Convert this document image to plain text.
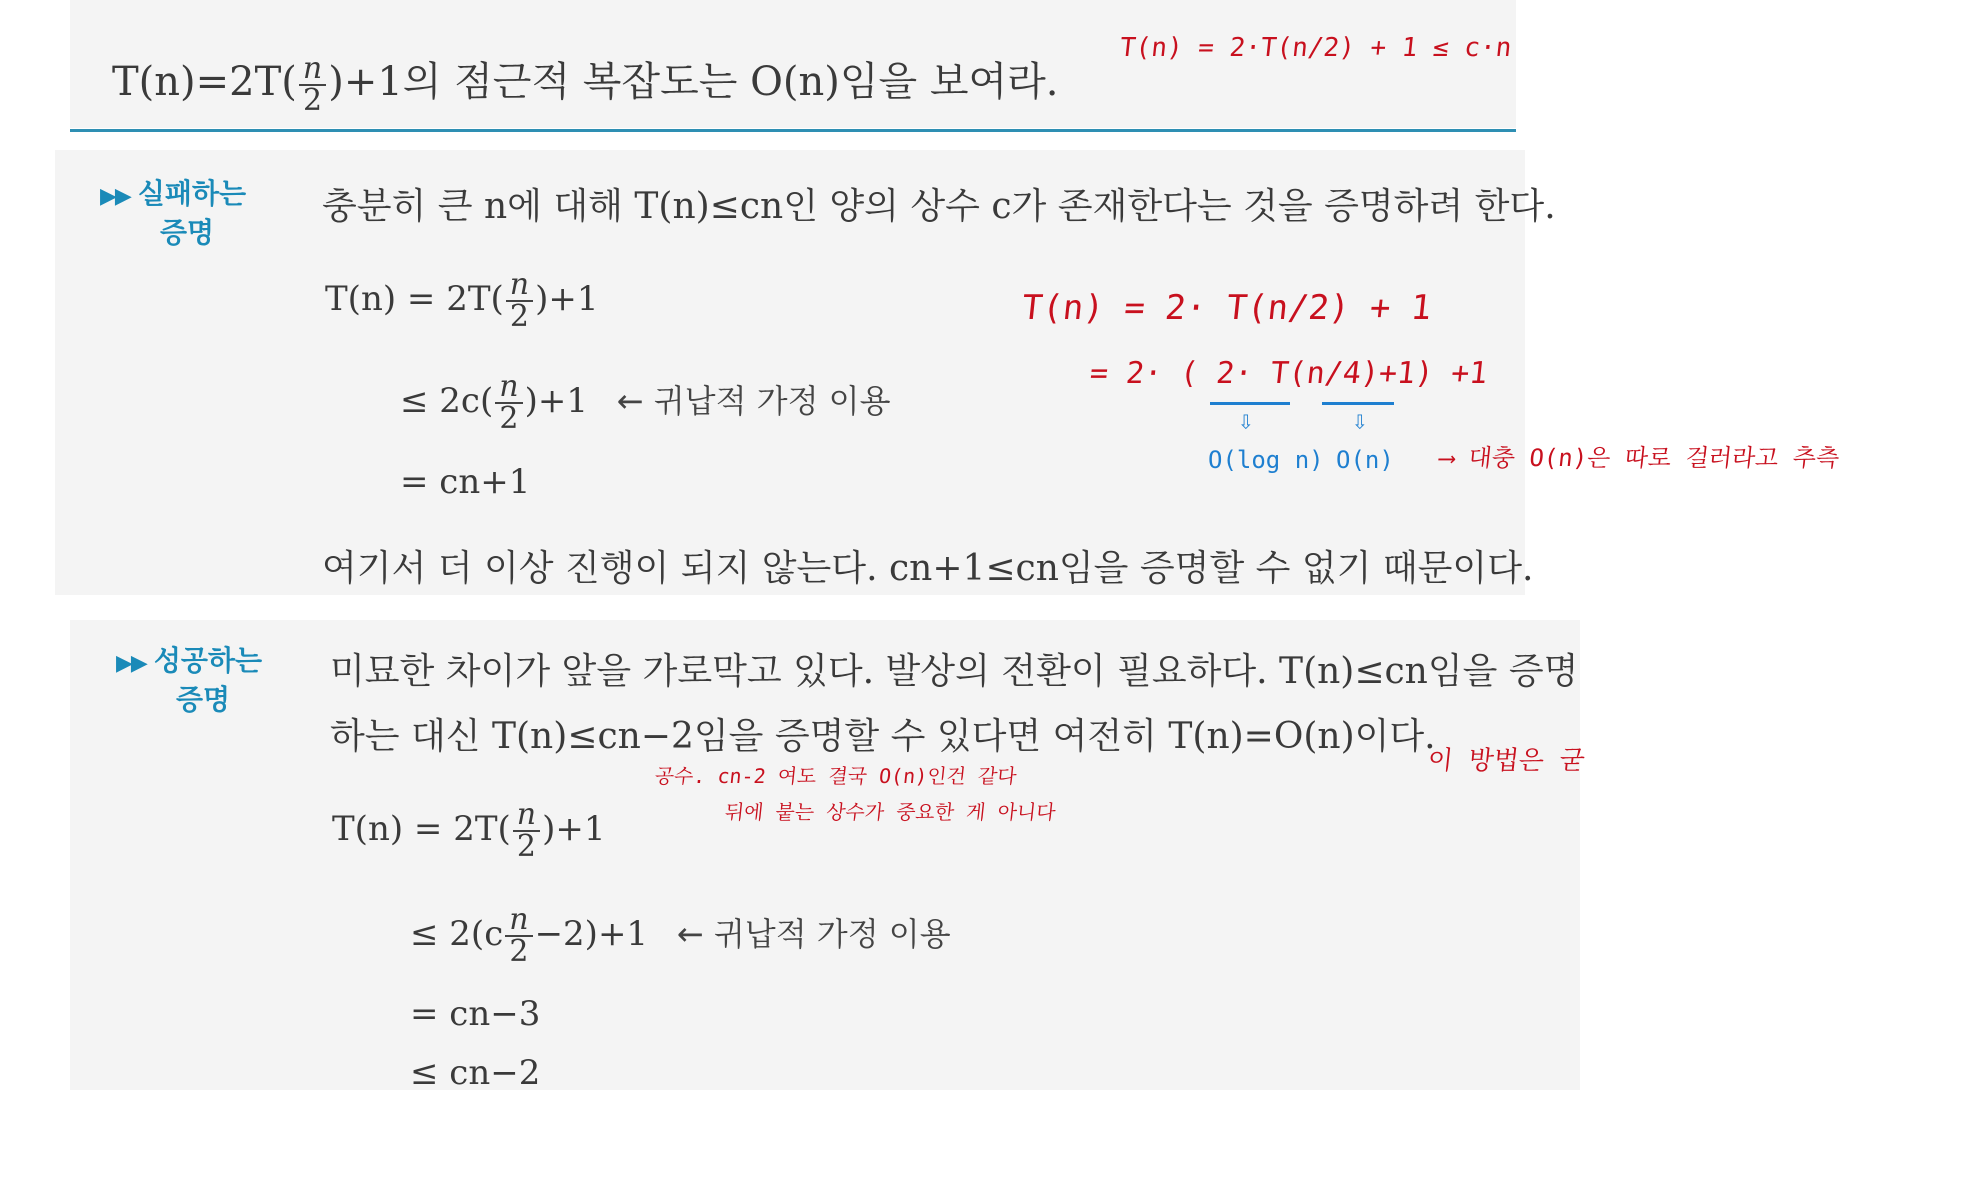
$T(n)=2T( \frac{n}{2} )+1$의 점근적 복잡도는 O(n)임을 보여라.
▶▶ 실패하는
증명
충분히 큰 n에 대해 T(n)≤cn인 양의 상수 c가 존재한다는 것을 증명하려 한다.
$T(n) = 2T( \frac{n}{2} )+1$
≤ $2c( \frac{n}{2} )+1$ ← 귀납적 가정 이용
= cn+1
여기서 더 이상 진행이 되지 않는다. cn+1≤cn임을 증명할 수 없기 때문이다.
▶▶ 성공하는
증명
미묘한 차이가 앞을 가로막고 있다. 발상의 전환이 필요하다. T(n)≤cn임을 증명
하는 대신 T(n)≤cn−2임을 증명할 수 있다면 여전히 T(n)=O(n)이다.
$T(n) = 2T( \frac{n}{2} )+1$
≤ $2(c \frac{n}{2} -2)+1$ ← 귀납적 가정 이용
= cn−3
≤ cn−2
T(n) = 2·T(n/2) + 1 ≤ c·n
T(n) = 2· T(n/2) + 1
= 2· ( 2· T(n/4)+1) +1
⇩	⇩
O(log n) O(n) ⟶ 대충 O(n)은 따로 걸러라고 추측
공수. cn-2 여도 결국 O(n)인건 같다
뒤에 붙는 상수가 중요한 게 아니다
이 방법은 굳
